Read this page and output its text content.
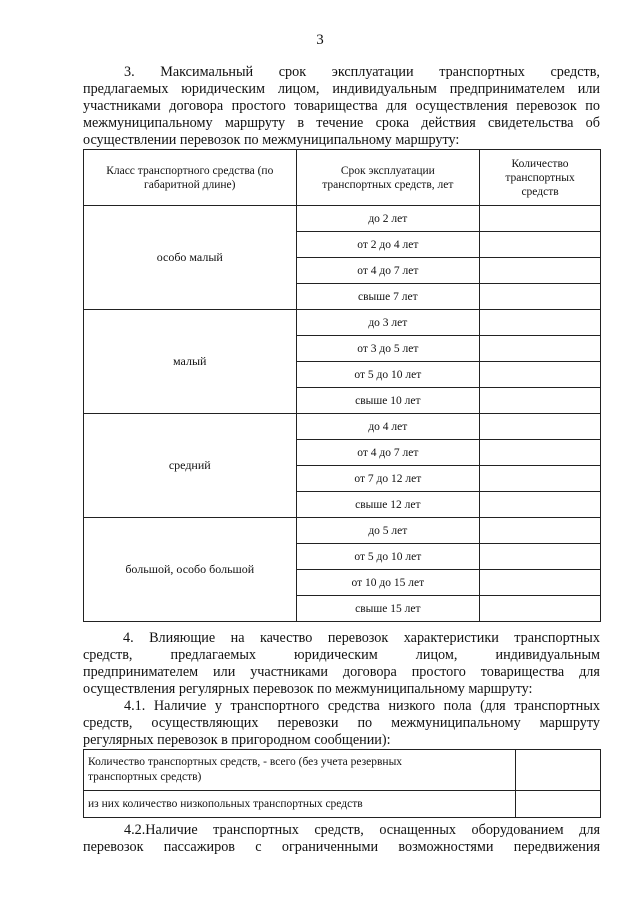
3
3. Максимальный срок эксплуатации транспортных средств,
предлагаемых юридическим лицом, индивидуальным предпринимателем или
участниками договора простого товарищества для осуществления перевозок по
межмуниципальному маршруту в течение срока действия свидетельства об
осуществлении перевозок по межмуниципальному маршруту:
Класс транспортного средства (по габаритной длине)	Срок эксплуатации транспортных средств, лет	Количество транспортных средств
особо малый	до 2 лет	
	от 2 до 4 лет	
	от 4 до 7 лет	
	свыше 7 лет	
малый	до 3 лет	
	от 3 до 5 лет	
	от 5 до 10 лет	
	свыше 10 лет	
средний	до 4 лет	
	от 4 до 7 лет	
	от 7 до 12 лет	
	свыше 12 лет	
большой, особо большой	до 5 лет	
	от 5 до 10 лет	
	от 10 до 15 лет	
	свыше 15 лет	
4. Влияющие на качество перевозок характеристики транспортных
средств,	предлагаемых	юридическим	лицом,	индивидуальным
предпринимателем или участниками договора простого товарищества для
осуществления регулярных перевозок по межмуниципальному маршруту:
4.1. Наличие у транспортного средства низкого пола (для транспортных
средств, осуществляющих перевозки по межмуниципальному маршруту
регулярных перевозок в пригородном сообщении):
Количество транспортных средств, - всего (без учета резервных транспортных средств)	
из них количество низкопольных транспортных средств	
4.2.Наличие транспортных средств, оснащенных оборудованием для
перевозок пассажиров с ограниченными возможностями передвижения
